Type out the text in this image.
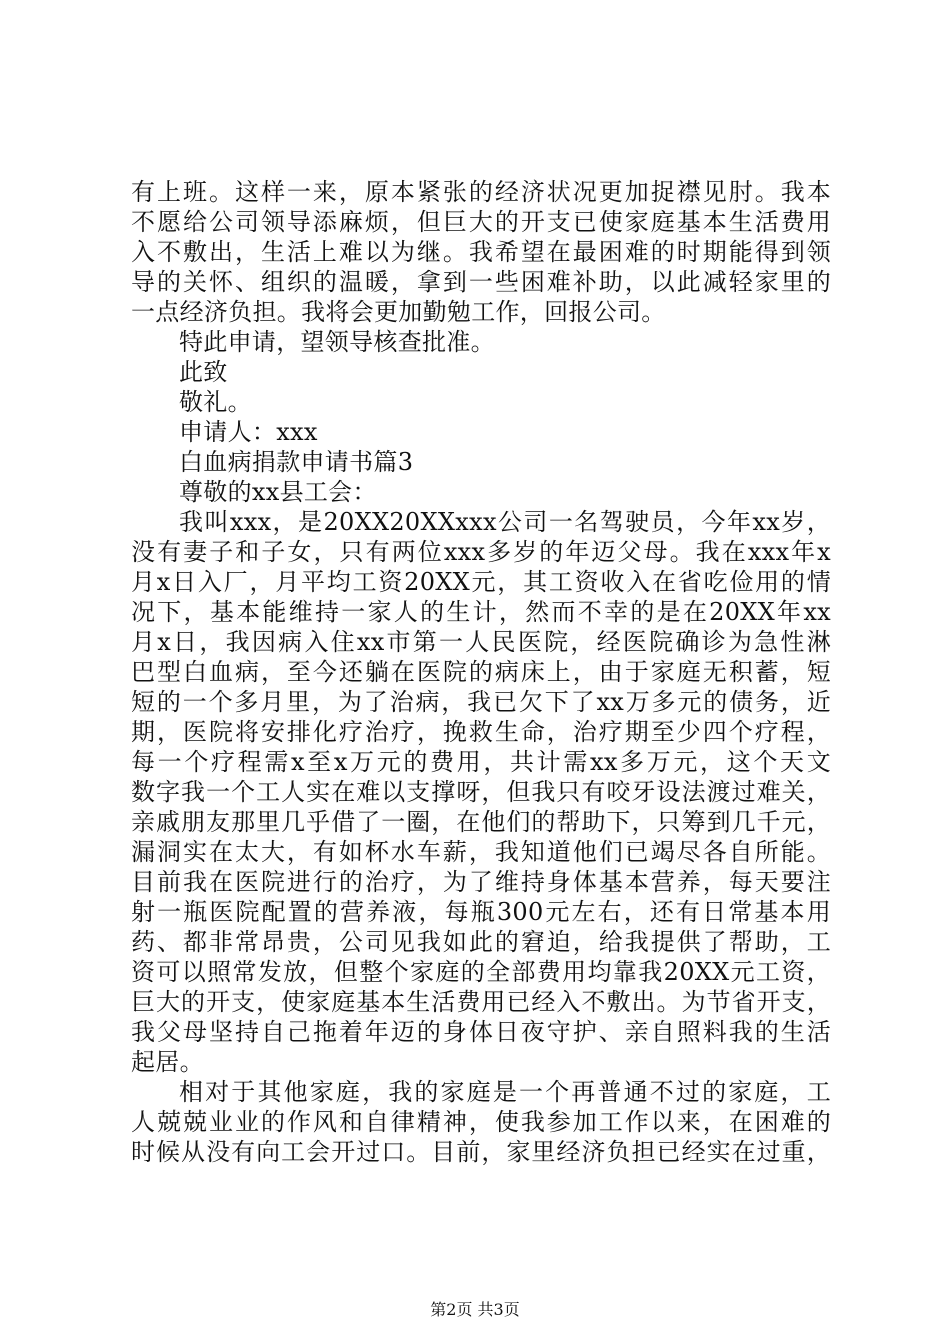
有上班。这样一来，原本紧张的经济状况更加捉襟见肘。我本
不愿给公司领导添麻烦，但巨大的开支已使家庭基本生活费用
入不敷出，生活上难以为继。我希望在最困难的时期能得到领
导的关怀、组织的温暖，拿到一些困难补助，以此减轻家里的
一点经济负担。我将会更加勤勉工作，回报公司。
特此申请，望领导核查批准。
此致
敬礼。
申请人：xxx
白血病捐款申请书篇3
尊敬的xx县工会：
我叫xxx，是20XX20XXxxx公司一名驾驶员，今年xx岁，
没有妻子和子女，只有两位xxx多岁的年迈父母。我在xxx年x
月x日入厂，月平均工资20XX元，其工资收入在省吃俭用的情
况下，基本能维持一家人的生计，然而不幸的是在20XX年xx
月x日，我因病入住xx市第一人民医院，经医院确诊为急性淋
巴型白血病，至今还躺在医院的病床上，由于家庭无积蓄，短
短的一个多月里，为了治病，我已欠下了xx万多元的债务，近
期，医院将安排化疗治疗，挽救生命，治疗期至少四个疗程，
每一个疗程需x至x万元的费用，共计需xx多万元，这个天文
数字我一个工人实在难以支撑呀，但我只有咬牙设法渡过难关，
亲戚朋友那里几乎借了一圈，在他们的帮助下，只筹到几千元，
漏洞实在太大，有如杯水车薪，我知道他们已竭尽各自所能。
目前我在医院进行的治疗，为了维持身体基本营养，每天要注
射一瓶医院配置的营养液，每瓶300元左右，还有日常基本用
药、都非常昂贵，公司见我如此的窘迫，给我提供了帮助，工
资可以照常发放，但整个家庭的全部费用均靠我20XX元工资，
巨大的开支，使家庭基本生活费用已经入不敷出。为节省开支，
我父母坚持自己拖着年迈的身体日夜守护、亲自照料我的生活
起居。
相对于其他家庭，我的家庭是一个再普通不过的家庭，工
人兢兢业业的作风和自律精神，使我参加工作以来，在困难的
时候从没有向工会开过口。目前，家里经济负担已经实在过重，
第2页 共3页
